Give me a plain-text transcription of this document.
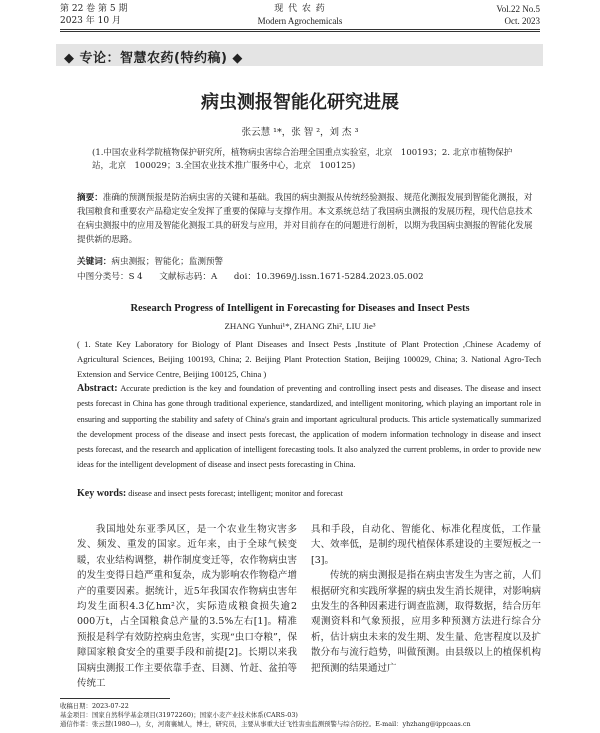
第 22 卷 第 5 期
2023 年 10 月
现 代 农 药
Modern Agrochemicals
Vol.22 No.5
Oct. 2023
◆ 专论：智慧农药(特约稿) ◆
病虫测报智能化研究进展
张云慧 ¹*，张 智 ²，刘 杰 ³
(1.中国农业科学院植物保护研究所，植物病虫害综合治理全国重点实验室，北京　100193；2. 北京市植物保护站，北京　100029；3.全国农业技术推广服务中心，北京　100125)
摘要：准确的预测预报是防治病虫害的关键和基础。我国的病虫测报从传统经验测报、规范化测报发展到智能化测报，对我国粮食和重要农产品稳定安全发挥了重要的保障与支撑作用。本文系统总结了我国病虫测报的发展历程，现代信息技术在病虫测报中的应用及智能化测报工具的研发与应用，并对目前存在的问题进行剖析，以期为我国病虫测报的智能化发展提供新的思路。
关键词：病虫测报；智能化；监测预警
中图分类号：S 4 文献标志码：A doi：10.3969/j.issn.1671-5284.2023.05.002
Research Progress of Intelligent in Forecasting for Diseases and Insect Pests
ZHANG Yunhui¹*, ZHANG Zhi², LIU Jie³
( 1. State Key Laboratory for Biology of Plant Diseases and Insect Pests ,Institute of Plant Protection ,Chinese Academy of Agricultural Sciences, Beijing 100193, China; 2. Beijing Plant Protection Station, Beijing 100029, China; 3. National Agro-Tech Extension and Service Centre, Beijing 100125, China )
Abstract: Accurate prediction is the key and foundation of preventing and controlling insect pests and diseases. The disease and insect pests forecast in China has gone through traditional experience, standardized, and intelligent monitoring, which playing an important role in ensuring and supporting the stability and safety of China's grain and important agricultural products. This article systematically summarized the development process of the disease and insect pests forecast, the application of modern information technology in disease and insect pests forecast, and the research and application of intelligent forecasting tools. It also analyzed the current problems, in order to provide new ideas for the intelligent development of disease and insect pests forecasting in China.
Key words: disease and insect pests forecast; intelligent; monitor and forecast
我国地处东亚季风区，是一个农业生物灾害多发、频发、重发的国家。近年来，由于全球气候变暖，农业结构调整，耕作制度变迁等，农作物病虫害的发生变得日趋严重和复杂，成为影响农作物稳产增产的重要因素。据统计，近5年我国农作物病虫害年均发生面积4.3亿hm²次，实际造成粮食损失逾2 000万t，占全国粮食总产量的3.5%左右[1]。精准预报是科学有效防控病虫危害，实现“虫口夺粮”，保障国家粮食安全的重要手段和前提[2]。长期以来我国病虫测报工作主要依靠手查、目测、竹赶、盆拍等传统工

具和手段，自动化、智能化、标准化程度低，工作量大、效率低，是制约现代植保体系建设的主要短板之一[3]。

传统的病虫测报是指在病虫害发生为害之前，人们根据研究和实践所掌握的病虫发生消长规律，对影响病虫发生的各种因素进行调查监测，取得数据，结合历年观测资料和气象预报，应用多种预测方法进行综合分析，估计病虫未来的发生期、发生量、危害程度以及扩散分布与流行趋势，叫做预测。由县级以上的植保机构把预测的结果通过广

收稿日期：2023-07-22
基金项目：国家自然科学基金项目(31972260)；国家小麦产业技术体系(CARS-03)
通信作者：张云慧(1980—)，女，河南襄城人，博士，研究员，主要从事重大迁飞性害虫监测预警与综合防控。E-mail：yhzhang@ippcaas.cn
